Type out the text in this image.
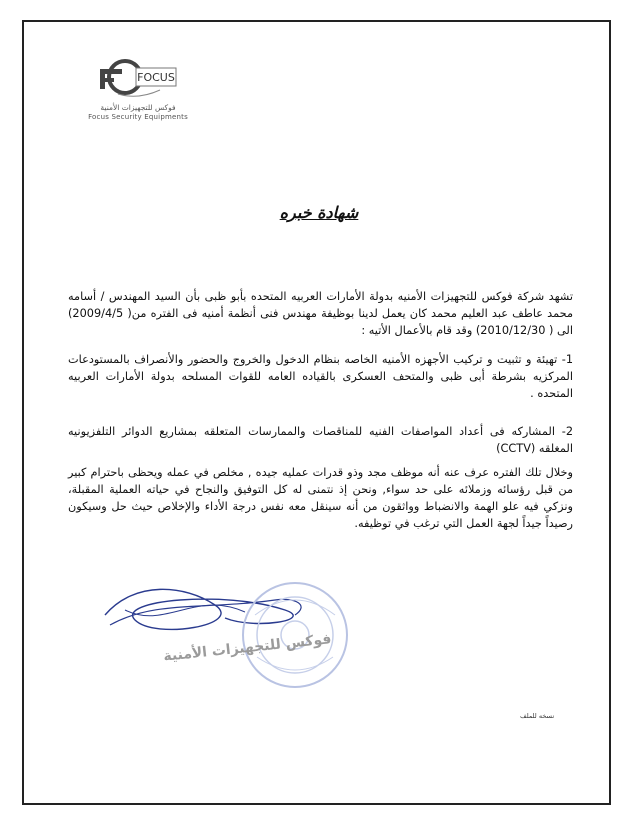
FOCUS
فوكس للتجهيزات الأمنية
Focus Security Equipments
شهادة خبره
تشهد شركة فوكس للتجهيزات الأمنيه بدولة الأمارات العربيه المتحده بأبو ظبى بأن السيد المهندس / أسامه محمد عاطف عبد العليم محمد كان يعمل لدينا بوظيفة مهندس فنى أنظمة أمنيه فى الفتره من( 2009/4/5) الى ( 2010/12/30) وقد قام بالأعمال الأتيه :
1- تهيئة و تثبيت و تركيب الأجهزه الأمنيه الخاصه بنظام الدخول والخروج والحضور والأنصراف بالمستودعات المركزيه بشرطة أبى ظبى والمتحف العسكرى بالقياده العامه للقوات المسلحه بدولة الأمارات العربيه المتحده .
2- المشاركه فى أعداد المواصفات الفنيه للمناقصات والممارسات المتعلقه بمشاريع الدوائر التلفزيونيه المغلقه (CCTV)
وخلال تلك الفتره عرف عنه أنه موظف مجد وذو قدرات عمليه جيده , مخلص في عمله ويحظى باحترام كبير من قبل رؤسائه وزملائه على حد سواء, ونحن إذ نتمنى له كل التوفيق والنجاح في حياته العملية المقبلة، ونزكي فيه علو الهمة والانضباط وواثقون من أنه سينقل معه نفس درجة الأداء والإخلاص حيث حل وسيكون رصيداً جيداً لجهة العمل التي ترغب في توظيفه.
فوكس للتجهيزات الأمنية
نسخه للملف
